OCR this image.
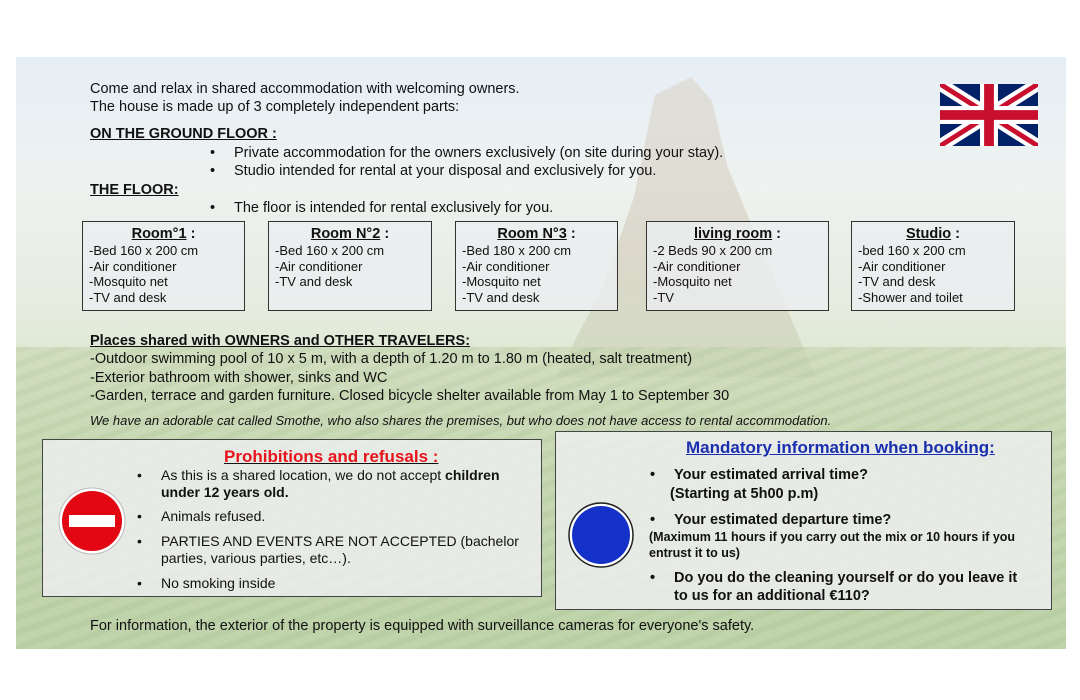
Come and relax in shared accommodation with welcoming owners.
The house is made up of 3 completely independent parts:
ON THE GROUND FLOOR :
• Private accommodation for the owners exclusively (on site during your stay).
• Studio intended for rental at your disposal and exclusively for you.
THE FLOOR:
• The floor is intended for rental exclusively for you.
Room°1 :
-Bed 160 x 200 cm
-Air conditioner
-Mosquito net
-TV and desk
Room N°2 :
-Bed 160 x 200 cm
-Air conditioner
-TV and desk
Room N°3 :
-Bed 180 x 200 cm
-Air conditioner
-Mosquito net
-TV and desk
living room :
-2 Beds 90 x 200 cm
-Air conditioner
-Mosquito net
-TV
Studio :
-bed 160 x 200 cm
-Air conditioner
-TV and desk
-Shower and toilet
Places shared with OWNERS and OTHER TRAVELERS:
-Outdoor swimming pool of 10 x 5 m, with a depth of 1.20 m to 1.80 m (heated, salt treatment)
-Exterior bathroom with shower, sinks and WC
-Garden, terrace and garden furniture. Closed bicycle shelter available from May 1 to September 30
We have an adorable cat called Smothe, who also shares the premises, but who does not have access to rental accommodation.
Prohibitions and refusals :
• As this is a shared location, we do not accept children
under 12 years old.
• Animals refused.
• PARTIES AND EVENTS ARE NOT ACCEPTED (bachelor
parties, various parties, etc…).
• No smoking inside
Mandatory information when booking:
• Your estimated arrival time?
(Starting at 5h00 p.m)
• Your estimated departure time?
(Maximum 11 hours if you carry out the mix or 10 hours if you
entrust it to us)
• Do you do the cleaning yourself or do you leave it
to us for an additional €110?
For information, the exterior of the property is equipped with surveillance cameras for everyone's safety.
